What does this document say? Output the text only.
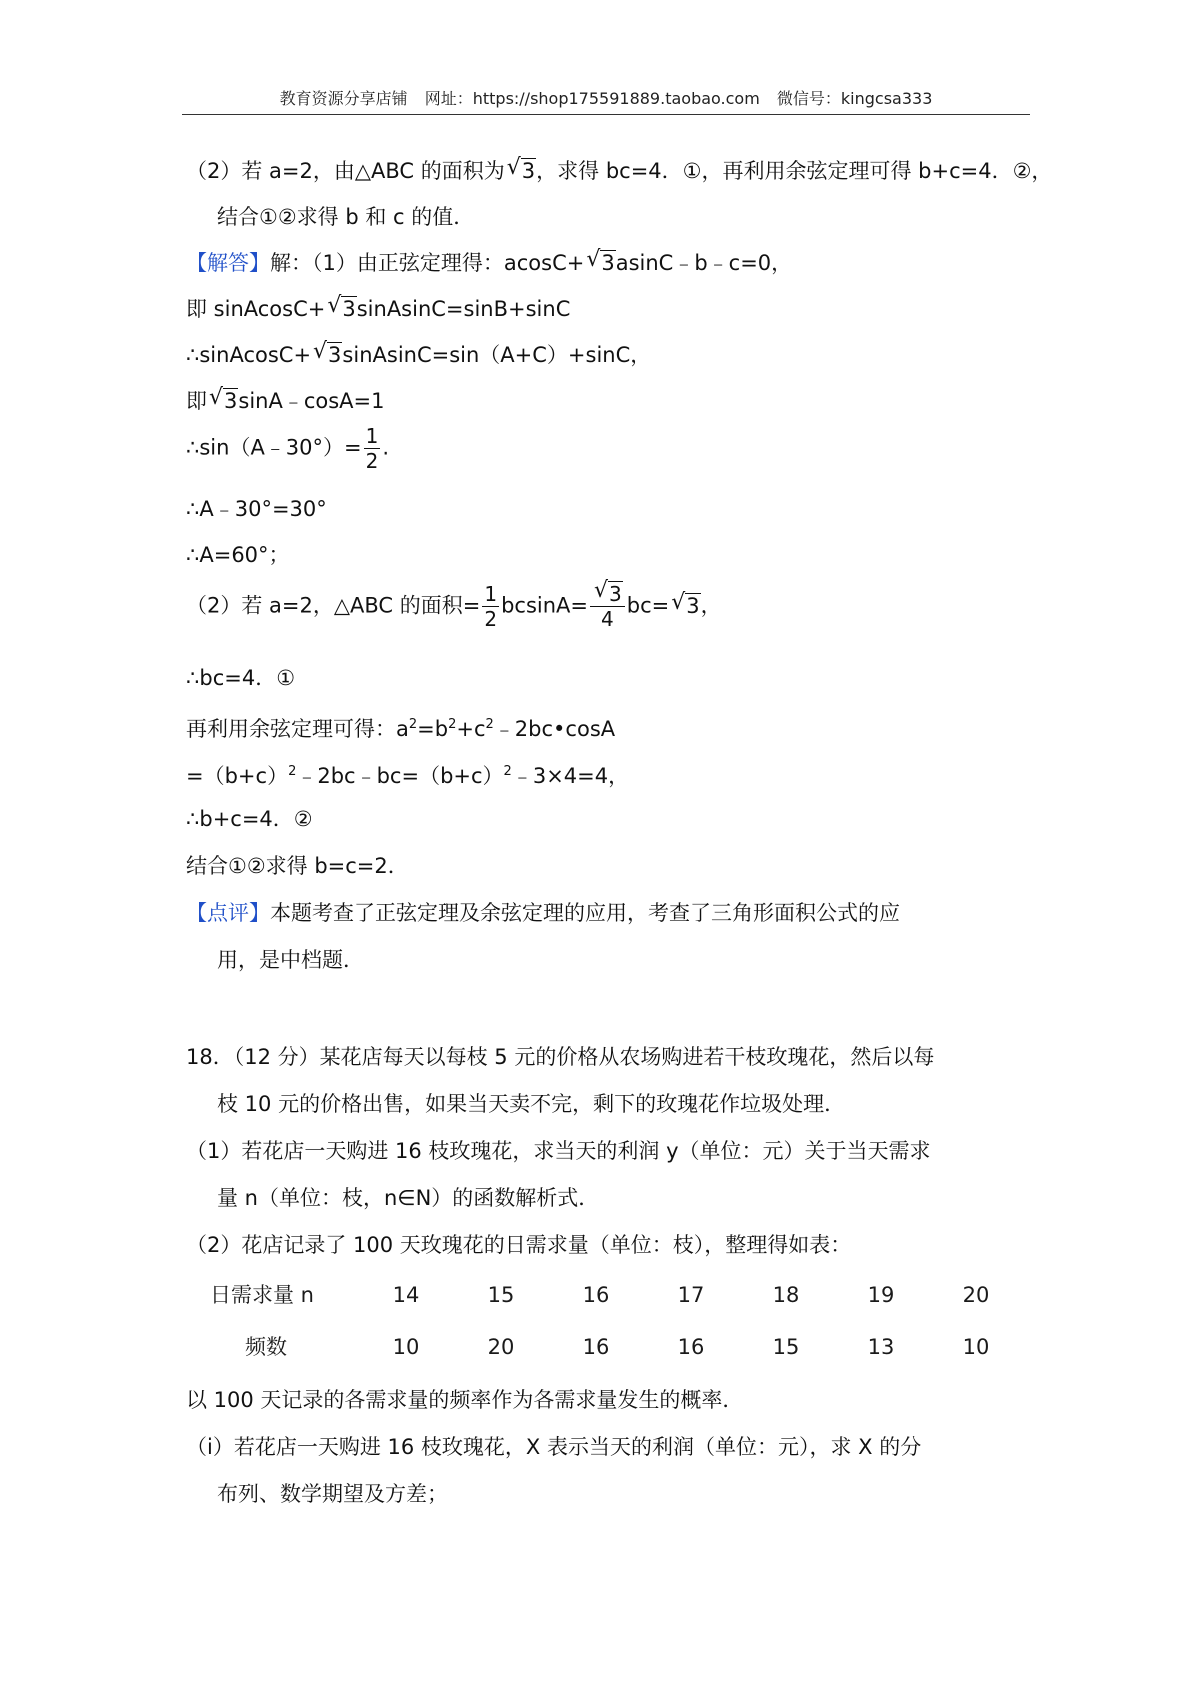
教育资源分享店铺 网址：https://shop175591889.taobao.com 微信号：kingcsa333
（2）若 a=2，由△ABC 的面积为√ 3，求得 bc=4．①，再利用余弦定理可得 b+c=4．②，
结合①②求得 b 和 c 的值．
【解答】解：（1）由正弦定理得：acosC+√ 3asinC﹣b﹣c=0，
即 sinAcosC+√ 3sinAsinC=sinB+sinC
∴sinAcosC+√ 3sinAsinC=sin（A+C）+sinC，
即√ 3sinA﹣cosA=1
∴sin（A﹣30°）= $\frac{1}{2}$ .
∴A﹣30°=30°
∴A=60°；
（2）若 a=2，△ABC 的面积= $\frac{1}{2} bcsinA=$
√ $\frac{3}{4} bc=√$ 3，
∴bc=4．①
再利用余弦定理可得：$a^2=b^2+c^2﹣2bc•\cos A$
$=(b+c)^2﹣2bc﹣bc=(b+c)^2﹣3\times 4=4$，
∴b+c=4．②
结合①②求得 b=c=2．
【点评】本题考查了正弦定理及余弦定理的应用，考查了三角形面积公式的应
用，是中档题．
18．（12 分）某花店每天以每枝 5 元的价格从农场购进若干枝玫瑰花，然后以每
枝 10 元的价格出售，如果当天卖不完，剩下的玫瑰花作垃圾处理．
（1）若花店一天购进 16 枝玫瑰花，求当天的利润 y（单位：元）关于当天需求
量 n（单位：枝，n∈N）的函数解析式．
（2）花店记录了 100 天玫瑰花的日需求量（单位：枝），整理得如表：
日需求量 n	14	15	16	17	18	19	20
频数	10	20	16	16	15	13	10
以 100 天记录的各需求量的频率作为各需求量发生的概率．
（i）若花店一天购进 16 枝玫瑰花，X 表示当天的利润（单位：元），求 X 的分
布列、数学期望及方差；
